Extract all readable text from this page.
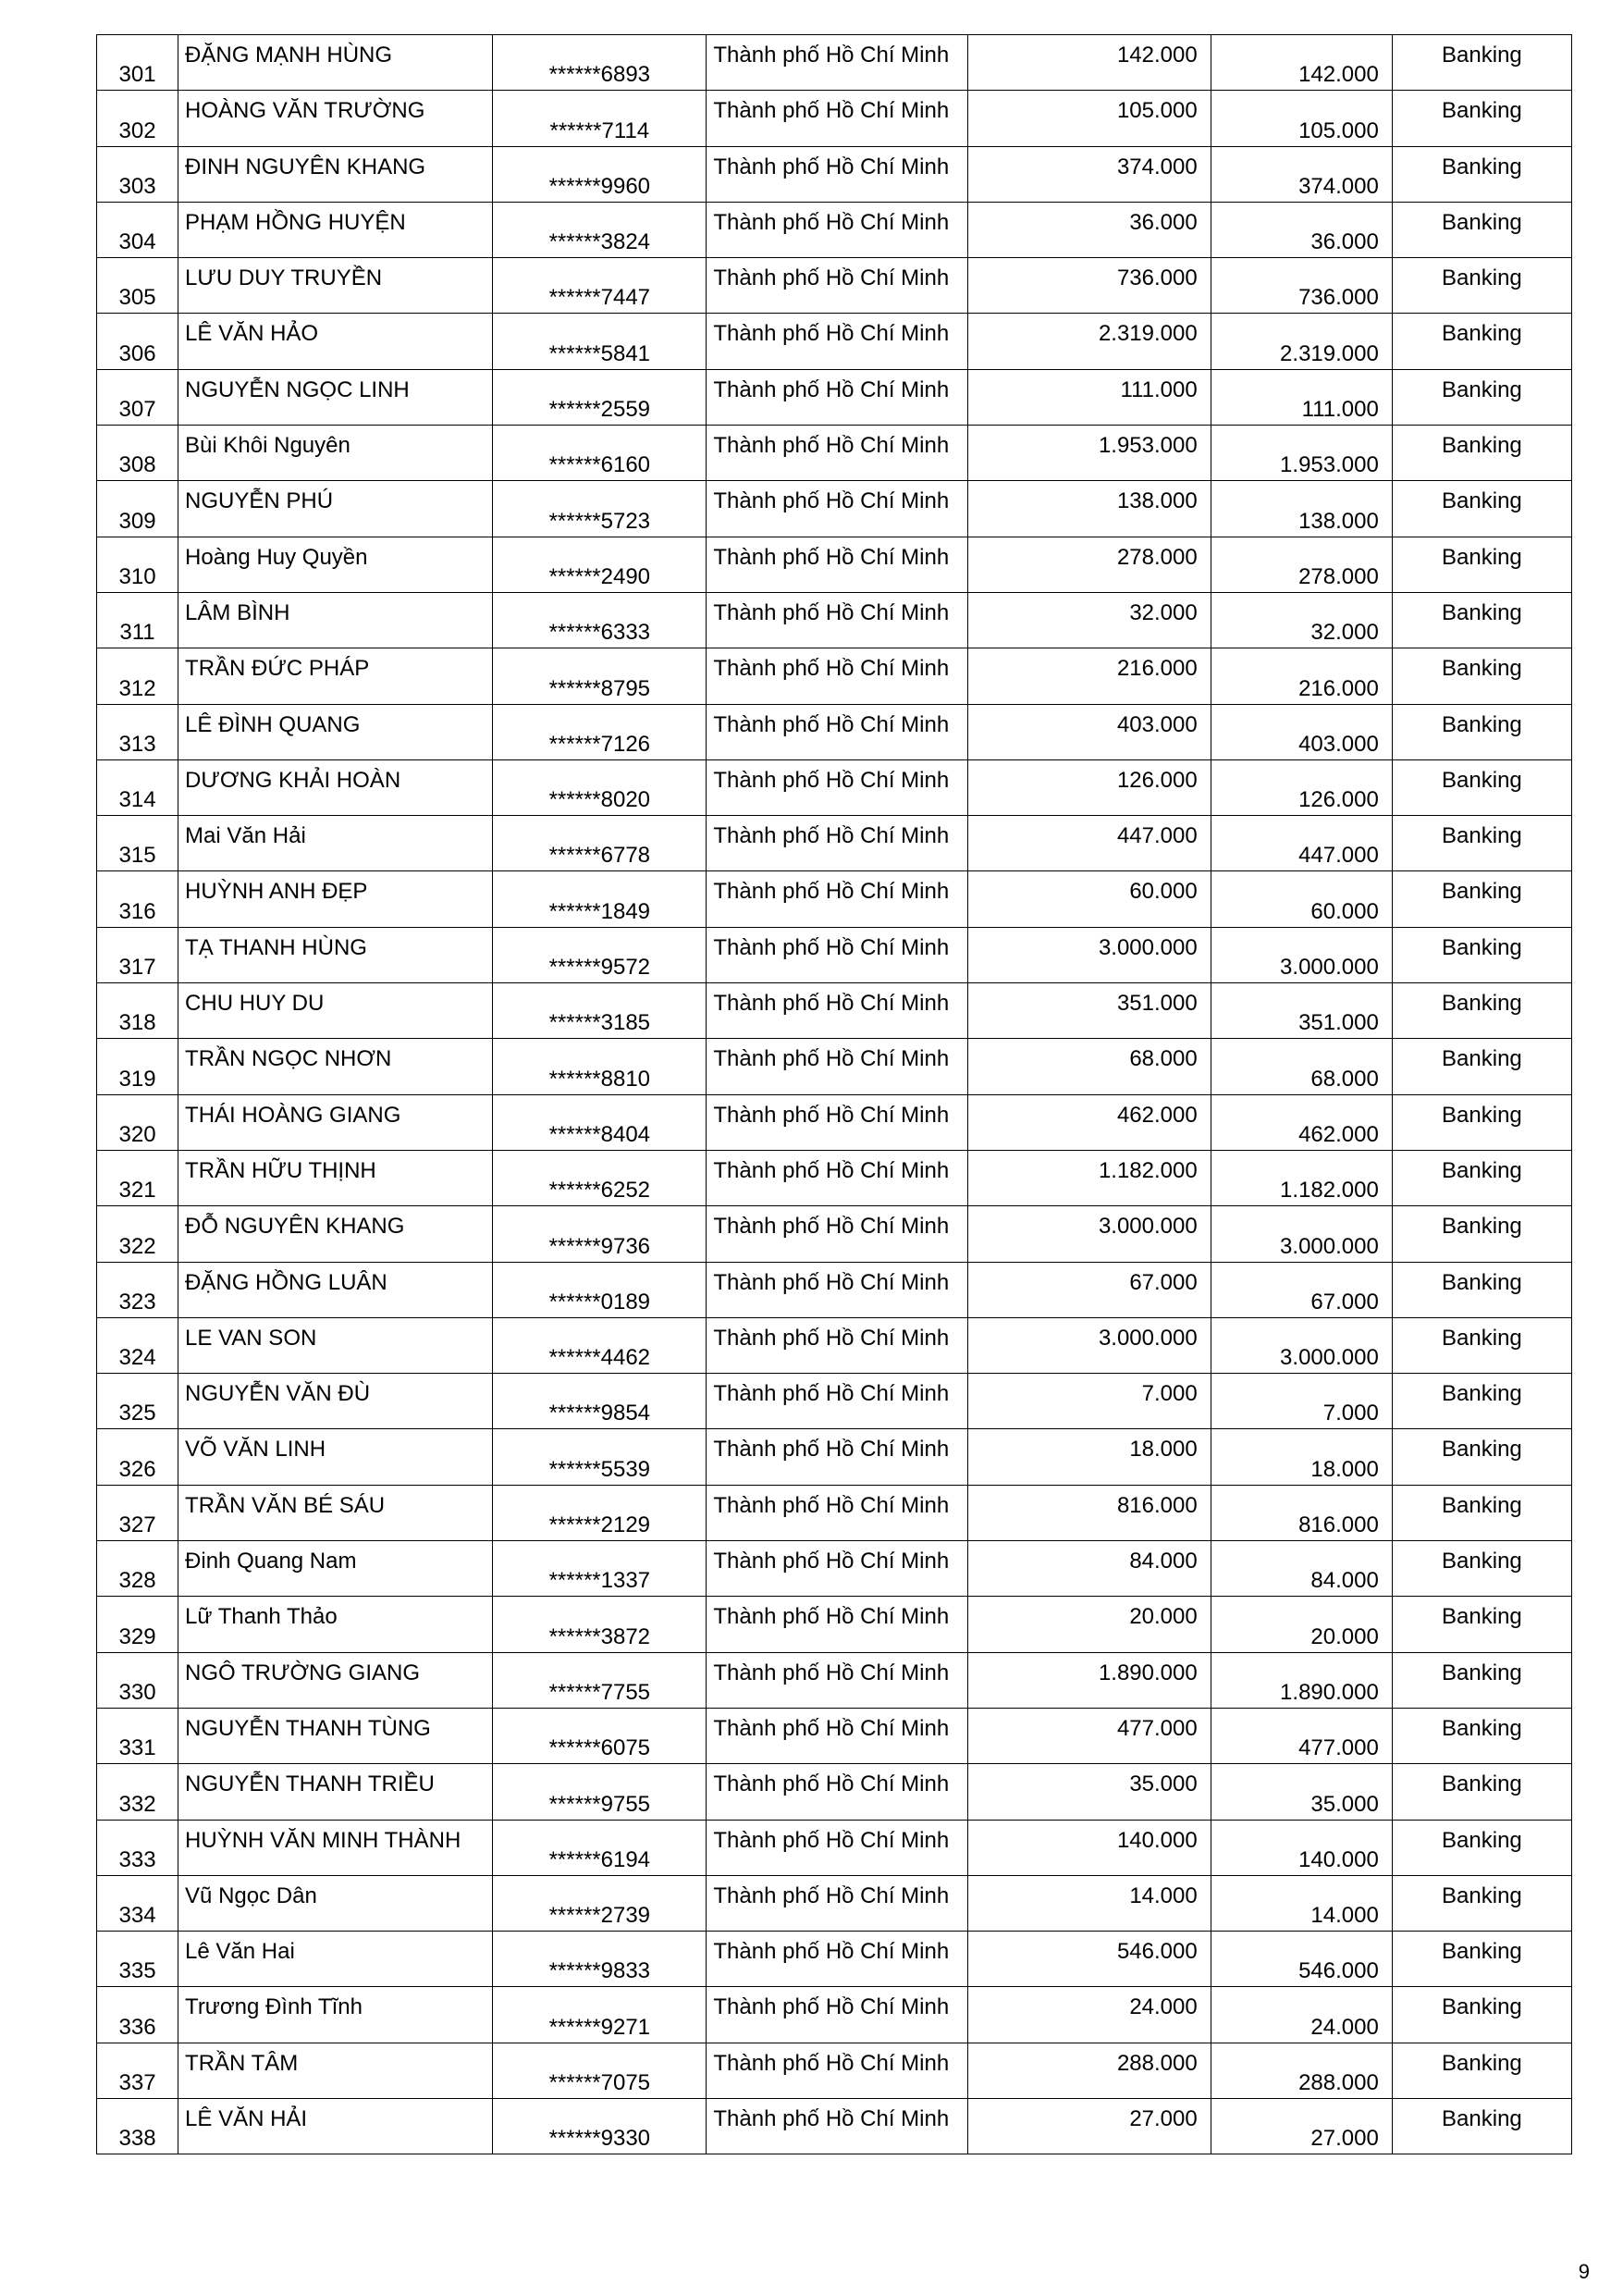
301	ĐẶNG MẠNH HÙNG	******6893	Thành phố Hồ Chí Minh	142.000	142.000	Banking

302	HOÀNG VĂN TRƯỜNG	******7114	Thành phố Hồ Chí Minh	105.000	105.000	Banking

303	ĐINH NGUYÊN KHANG	******9960	Thành phố Hồ Chí Minh	374.000	374.000	Banking

304	PHẠM HỒNG HUYỆN	******3824	Thành phố Hồ Chí Minh	36.000	36.000	Banking

305	LƯU DUY TRUYỀN	******7447	Thành phố Hồ Chí Minh	736.000	736.000	Banking

306	LÊ VĂN HẢO	******5841	Thành phố Hồ Chí Minh	2.319.000	2.319.000	Banking

307	NGUYỄN NGỌC LINH	******2559	Thành phố Hồ Chí Minh	111.000	111.000	Banking

308	Bùi Khôi Nguyên	******6160	Thành phố Hồ Chí Minh	1.953.000	1.953.000	Banking

309	NGUYỄN PHÚ	******5723	Thành phố Hồ Chí Minh	138.000	138.000	Banking

310	Hoàng Huy Quyền	******2490	Thành phố Hồ Chí Minh	278.000	278.000	Banking

311	LÂM BÌNH	******6333	Thành phố Hồ Chí Minh	32.000	32.000	Banking

312	TRẦN ĐỨC PHÁP	******8795	Thành phố Hồ Chí Minh	216.000	216.000	Banking

313	LÊ ĐÌNH QUANG	******7126	Thành phố Hồ Chí Minh	403.000	403.000	Banking

314	DƯƠNG KHẢI HOÀN	******8020	Thành phố Hồ Chí Minh	126.000	126.000	Banking

315	Mai Văn Hải	******6778	Thành phố Hồ Chí Minh	447.000	447.000	Banking

316	HUỲNH ANH ĐẸP	******1849	Thành phố Hồ Chí Minh	60.000	60.000	Banking

317	TẠ THANH HÙNG	******9572	Thành phố Hồ Chí Minh	3.000.000	3.000.000	Banking

318	CHU HUY DU	******3185	Thành phố Hồ Chí Minh	351.000	351.000	Banking

319	TRẦN NGỌC NHƠN	******8810	Thành phố Hồ Chí Minh	68.000	68.000	Banking

320	THÁI HOÀNG GIANG	******8404	Thành phố Hồ Chí Minh	462.000	462.000	Banking

321	TRẦN HỮU THỊNH	******6252	Thành phố Hồ Chí Minh	1.182.000	1.182.000	Banking

322	ĐỖ NGUYÊN KHANG	******9736	Thành phố Hồ Chí Minh	3.000.000	3.000.000	Banking

323	ĐẶNG HỒNG LUÂN	******0189	Thành phố Hồ Chí Minh	67.000	67.000	Banking

324	LE VAN SON	******4462	Thành phố Hồ Chí Minh	3.000.000	3.000.000	Banking

325	NGUYỄN VĂN ĐÙ	******9854	Thành phố Hồ Chí Minh	7.000	7.000	Banking

326	VÕ VĂN LINH	******5539	Thành phố Hồ Chí Minh	18.000	18.000	Banking

327	TRẦN VĂN BÉ SÁU	******2129	Thành phố Hồ Chí Minh	816.000	816.000	Banking

328	Đinh Quang Nam	******1337	Thành phố Hồ Chí Minh	84.000	84.000	Banking

329	Lữ Thanh Thảo	******3872	Thành phố Hồ Chí Minh	20.000	20.000	Banking

330	NGÔ TRƯỜNG GIANG	******7755	Thành phố Hồ Chí Minh	1.890.000	1.890.000	Banking

331	NGUYỄN THANH TÙNG	******6075	Thành phố Hồ Chí Minh	477.000	477.000	Banking

332	NGUYỄN THANH TRIỀU	******9755	Thành phố Hồ Chí Minh	35.000	35.000	Banking

333	HUỲNH VĂN MINH THÀNH	******6194	Thành phố Hồ Chí Minh	140.000	140.000	Banking

334	Vũ Ngọc Dân	******2739	Thành phố Hồ Chí Minh	14.000	14.000	Banking

335	Lê Văn Hai	******9833	Thành phố Hồ Chí Minh	546.000	546.000	Banking

336	Trương Đình Tĩnh	******9271	Thành phố Hồ Chí Minh	24.000	24.000	Banking

337	TRẦN TÂM	******7075	Thành phố Hồ Chí Minh	288.000	288.000	Banking

338	LÊ VĂN HẢI	******9330	Thành phố Hồ Chí Minh	27.000	27.000	Banking
9
